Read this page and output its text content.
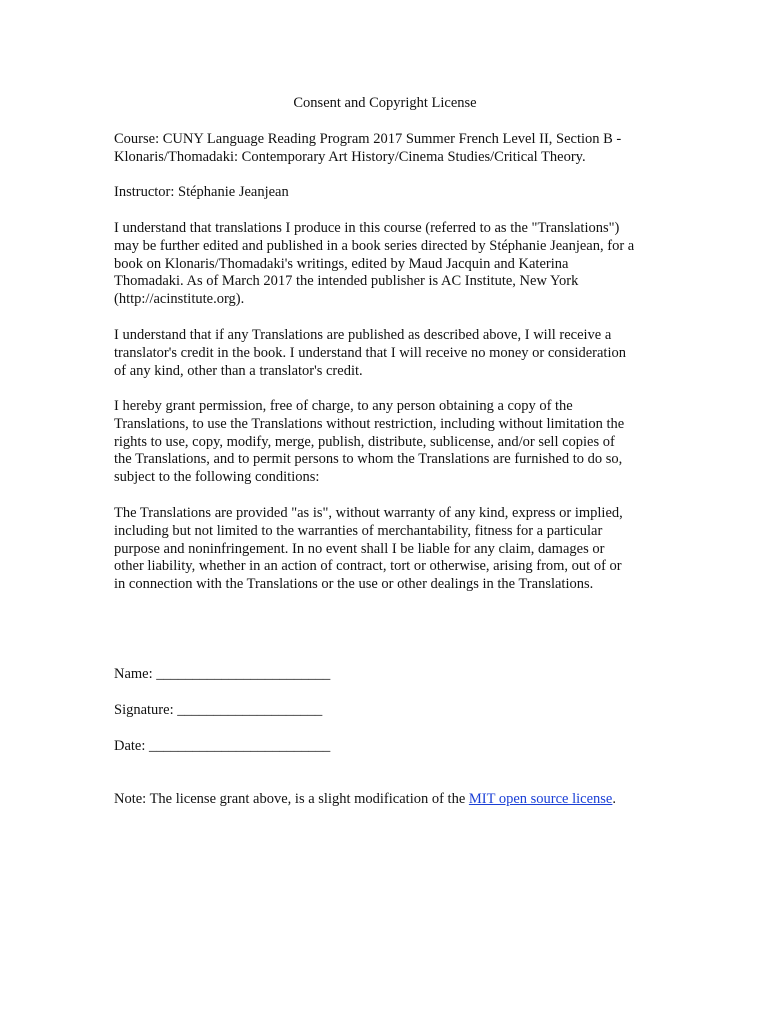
Consent and Copyright License

Course: CUNY Language Reading Program 2017 Summer French Level II, Section B -
Klonaris/Thomadaki: Contemporary Art History/Cinema Studies/Critical Theory.

Instructor: Stéphanie Jeanjean

I understand that translations I produce in this course (referred to as the "Translations")
may be further edited and published in a book series directed by Stéphanie Jeanjean, for a
book on Klonaris/Thomadaki's writings, edited by Maud Jacquin and Katerina
Thomadaki. As of March 2017 the intended publisher is AC Institute, New York
(http://acinstitute.org).

I understand that if any Translations are published as described above, I will receive a
translator's credit in the book. I understand that I will receive no money or consideration
of any kind, other than a translator's credit.

I hereby grant permission, free of charge, to any person obtaining a copy of the
Translations, to use the Translations without restriction, including without limitation the
rights to use, copy, modify, merge, publish, distribute, sublicense, and/or sell copies of
the Translations, and to permit persons to whom the Translations are furnished to do so,
subject to the following conditions:

The Translations are provided "as is", without warranty of any kind, express or implied,
including but not limited to the warranties of merchantability, fitness for a particular
purpose and noninfringement. In no event shall I be liable for any claim, damages or
other liability, whether in an action of contract, tort or otherwise, arising from, out of or
in connection with the Translations or the use or other dealings in the Translations.

Name: ________________________
Signature: ____________________
Date: _________________________
Note: The license grant above, is a slight modification of the MIT open source license.
